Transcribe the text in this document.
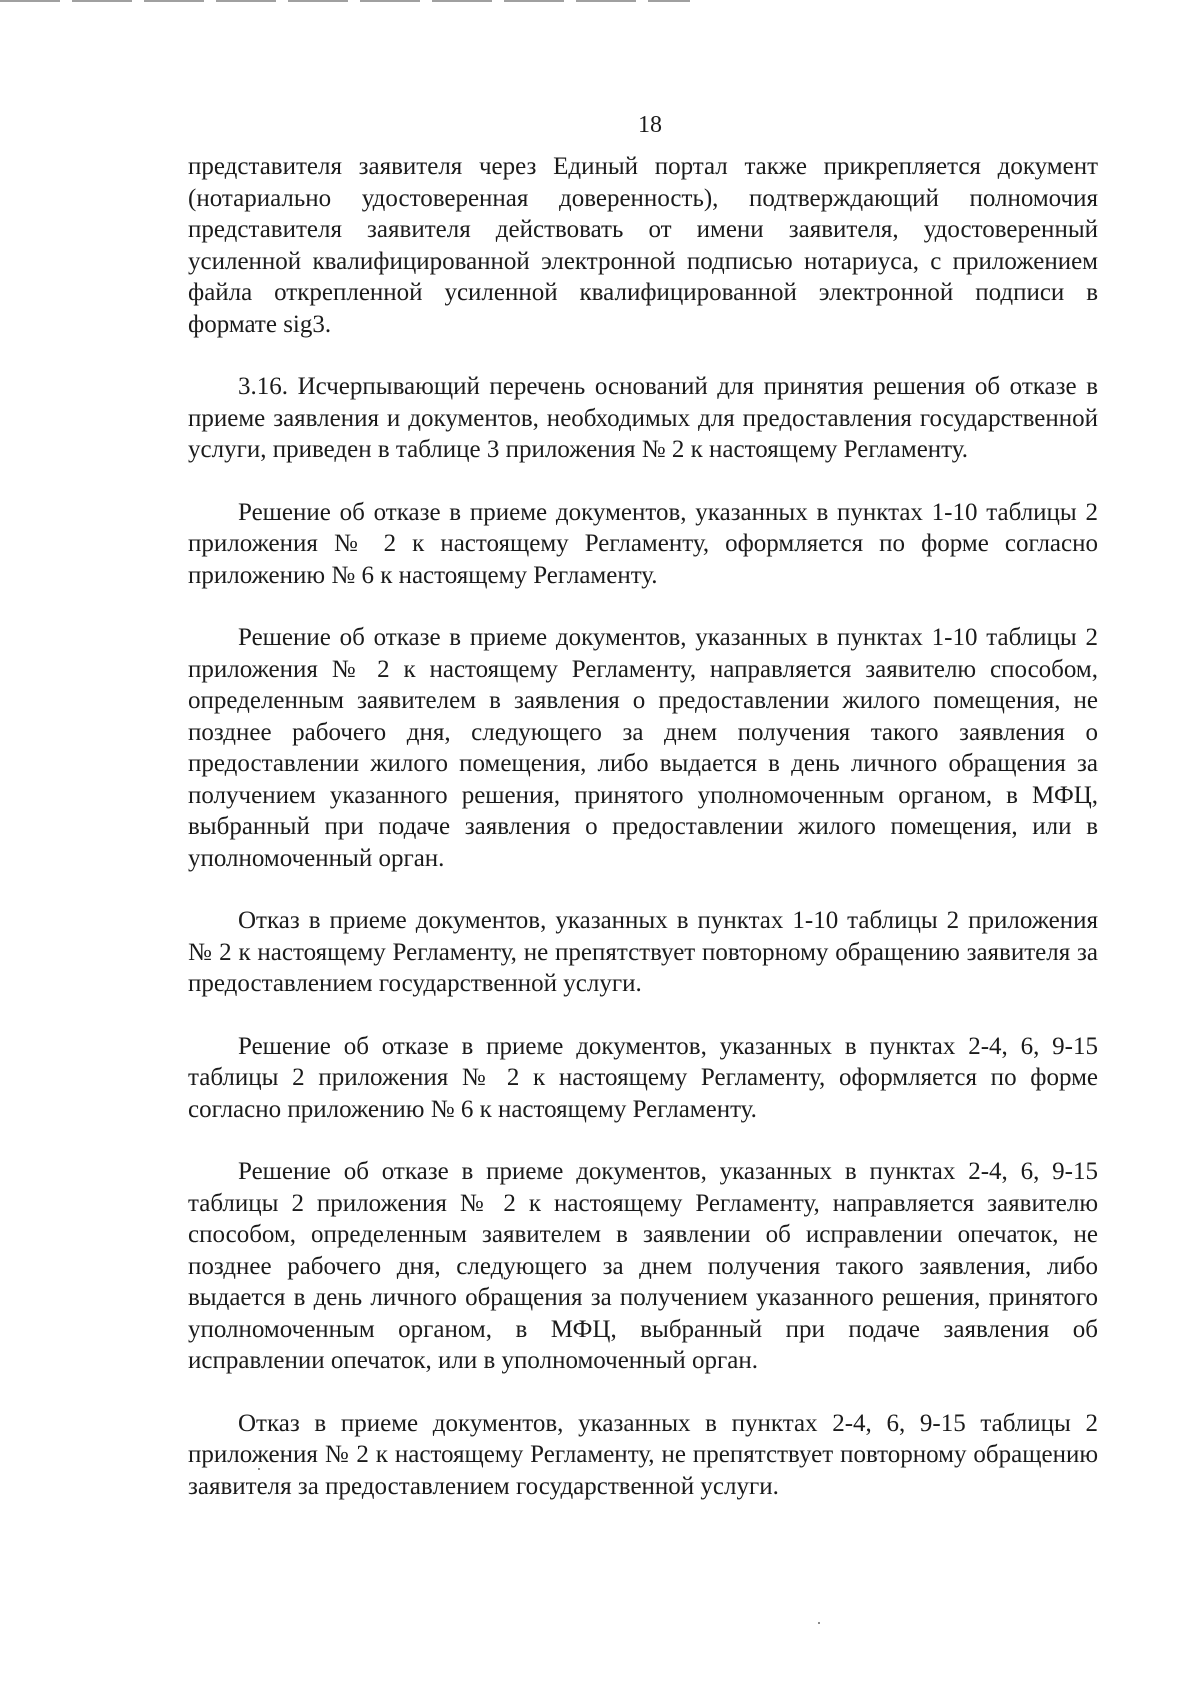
18

представителя заявителя через Единый портал также прикрепляется документ (нотариально удостоверенная доверенность), подтверждающий полномочия представителя заявителя действовать от имени заявителя, удостоверенный усиленной квалифицированной электронной подписью нотариуса, с приложением файла открепленной усиленной квалифицированной электронной подписи в формате sig3.

3.16. Исчерпывающий перечень оснований для принятия решения об отказе в приеме заявления и документов, необходимых для предоставления государственной услуги, приведен в таблице 3 приложения № 2 к настоящему Регламенту.

Решение об отказе в приеме документов, указанных в пунктах 1-10 таблицы 2 приложения № 2 к настоящему Регламенту, оформляется по форме согласно приложению № 6 к настоящему Регламенту.

Решение об отказе в приеме документов, указанных в пунктах 1-10 таблицы 2 приложения № 2 к настоящему Регламенту, направляется заявителю способом, определенным заявителем в заявления о предоставлении жилого помещения, не позднее рабочего дня, следующего за днем получения такого заявления о предоставлении жилого помещения, либо выдается в день личного обращения за получением указанного решения, принятого уполномоченным органом, в МФЦ, выбранный при подаче заявления о предоставлении жилого помещения, или в уполномоченный орган.

Отказ в приеме документов, указанных в пунктах 1-10 таблицы 2 приложения № 2 к настоящему Регламенту, не препятствует повторному обращению заявителя за предоставлением государственной услуги.

Решение об отказе в приеме документов, указанных в пунктах 2-4, 6, 9-15 таблицы 2 приложения № 2 к настоящему Регламенту, оформляется по форме согласно приложению № 6 к настоящему Регламенту.

Решение об отказе в приеме документов, указанных в пунктах 2-4, 6, 9-15 таблицы 2 приложения № 2 к настоящему Регламенту, направляется заявителю способом, определенным заявителем в заявлении об исправлении опечаток, не позднее рабочего дня, следующего за днем получения такого заявления, либо выдается в день личного обращения за получением указанного решения, принятого уполномоченным органом, в МФЦ, выбранный при подаче заявления об исправлении опечаток, или в уполномоченный орган.

Отказ в приеме документов, указанных в пунктах 2-4, 6, 9-15 таблицы 2 приложения № 2 к настоящему Регламенту, не препятствует повторному обращению заявителя за предоставлением государственной услуги.
